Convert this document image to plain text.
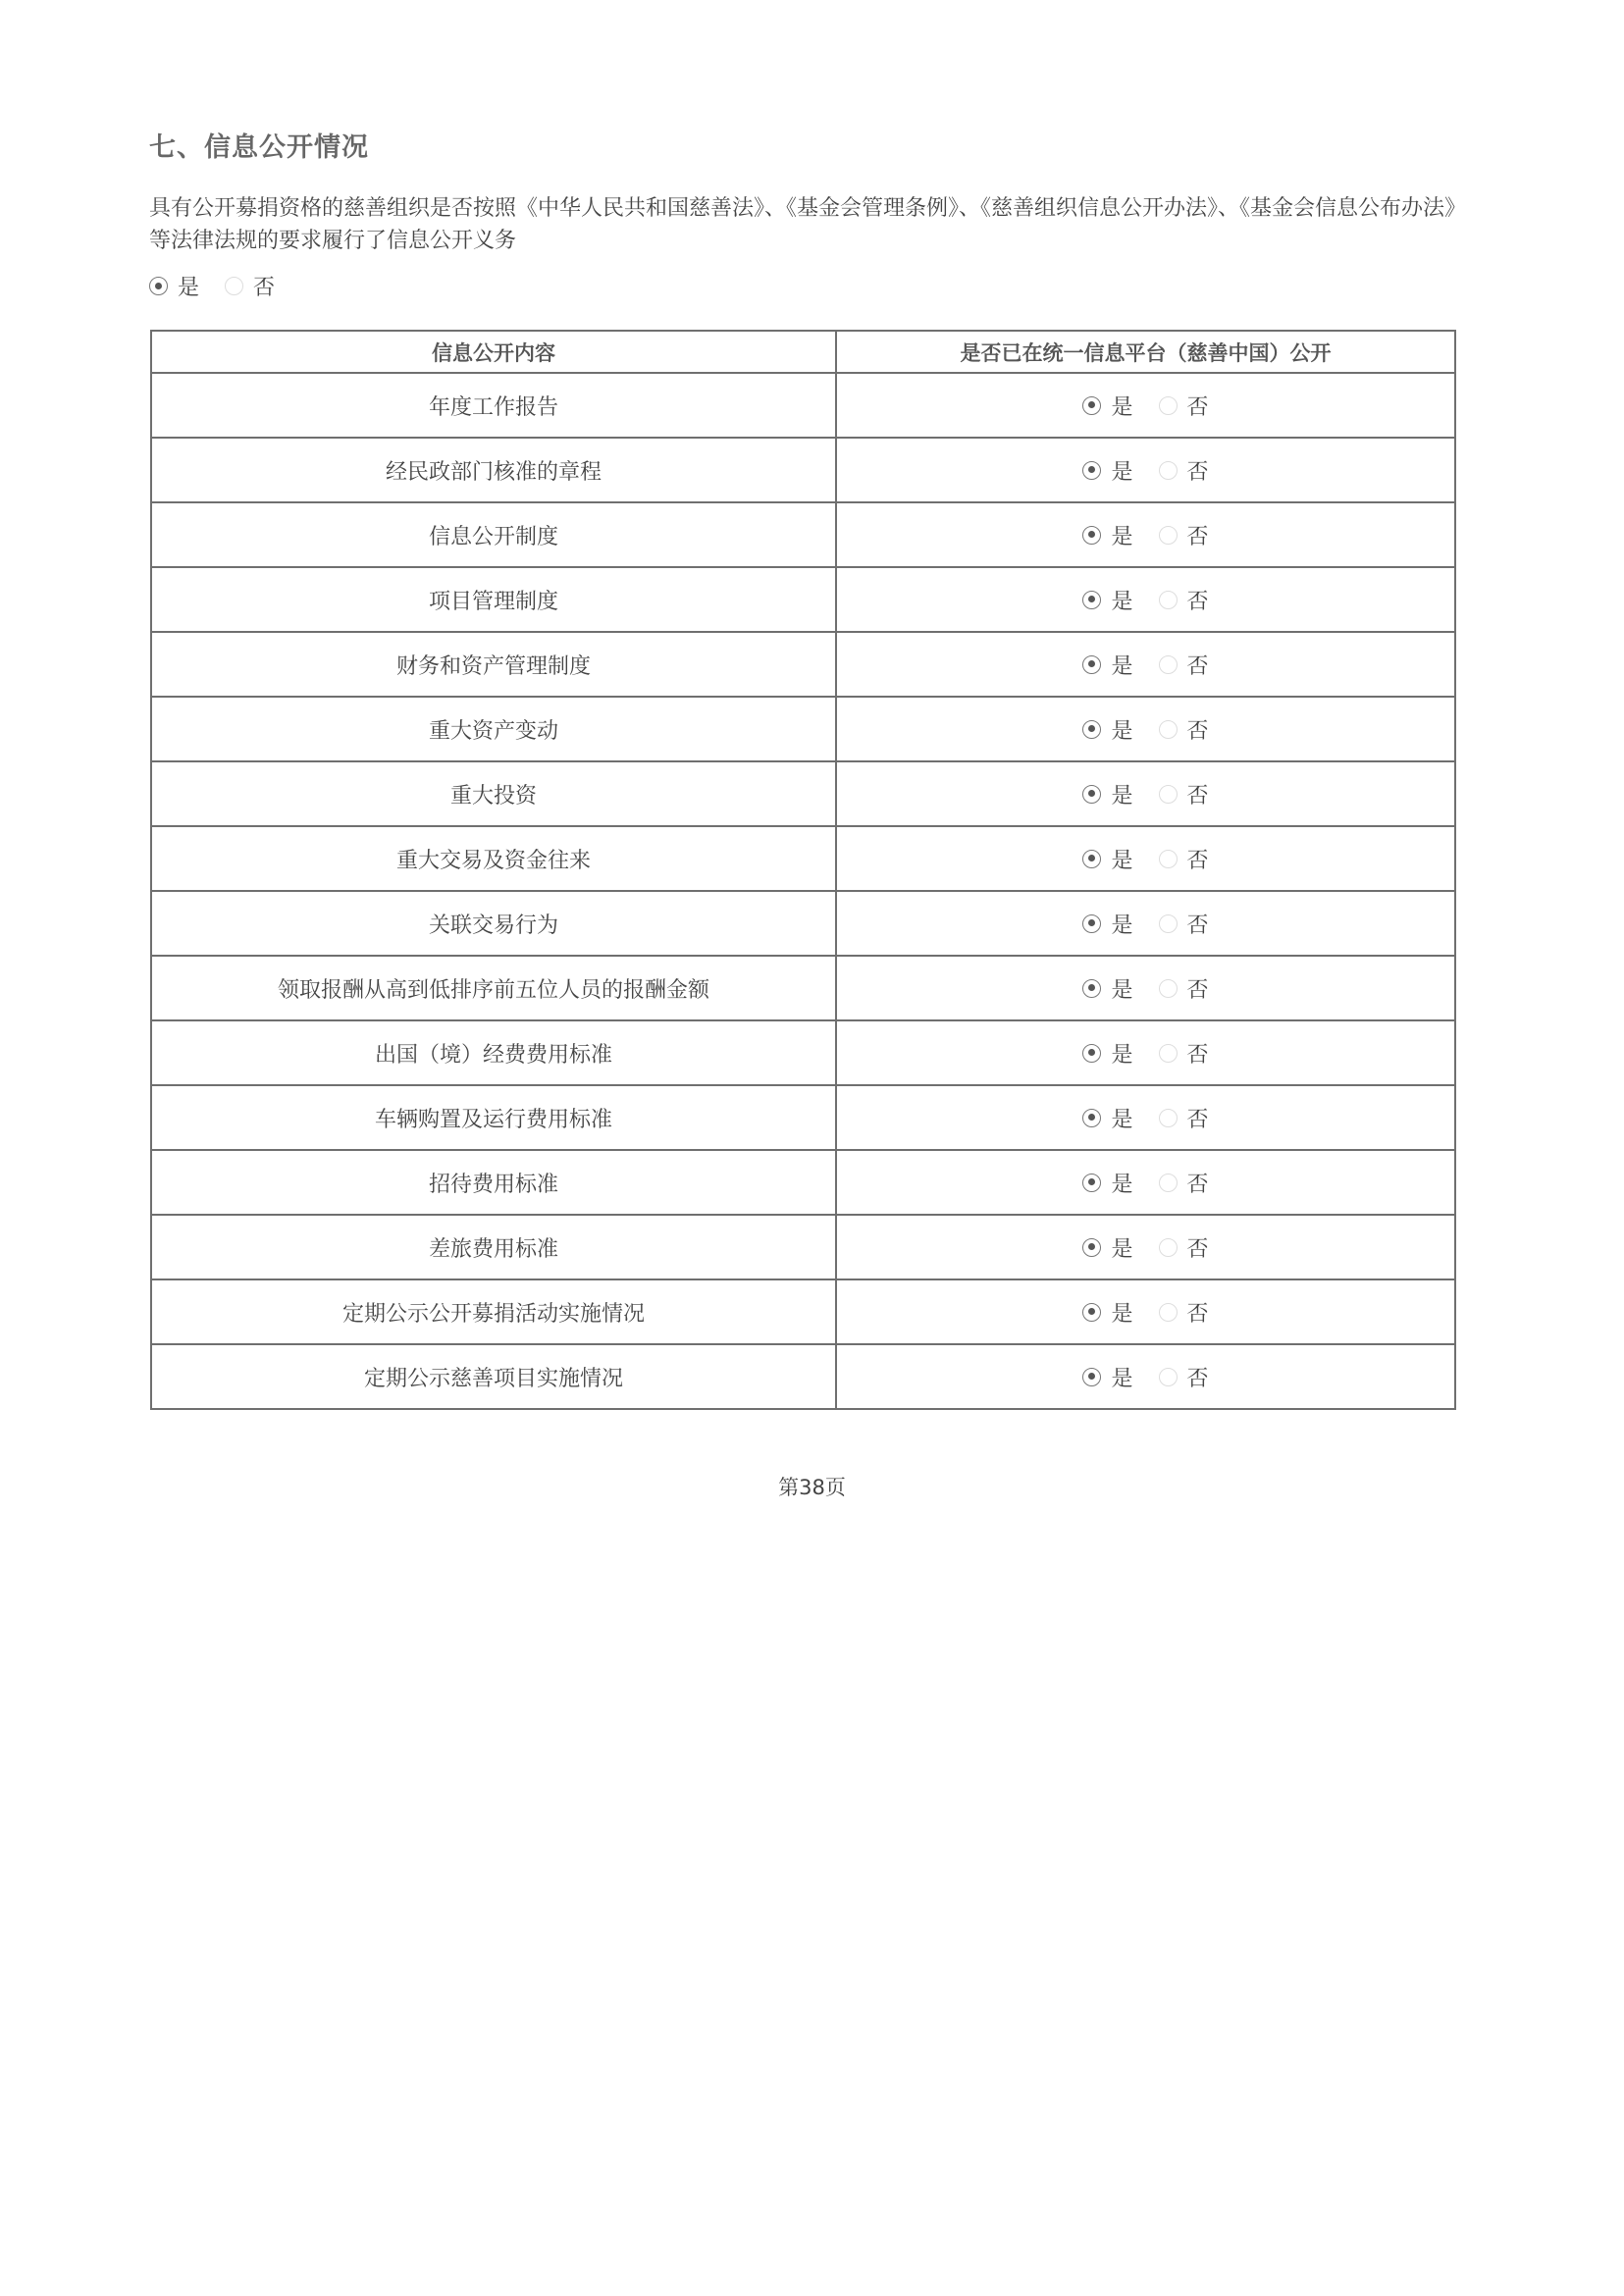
七、信息公开情况
具有公开募捐资格的慈善组织是否按照《中华人民共和国慈善法》、《基金会管理条例》、《慈善组织信息公开办法》、《基金会信息公布办法》等法律法规的要求履行了信息公开义务
是	否
信息公开内容	是否已在统一信息平台（慈善中国）公开
年度工作报告	是 否

经民政部门核准的章程	是 否

信息公开制度	是 否

项目管理制度	是 否

财务和资产管理制度	是 否

重大资产变动	是 否

重大投资	是 否

重大交易及资金往来	是 否

关联交易行为	是 否

领取报酬从高到低排序前五位人员的报酬金额	是 否

出国（境）经费费用标准	是 否

车辆购置及运行费用标准	是 否

招待费用标准	是 否

差旅费用标准	是 否

定期公示公开募捐活动实施情况	是 否

定期公示慈善项目实施情况	是 否
第38页
